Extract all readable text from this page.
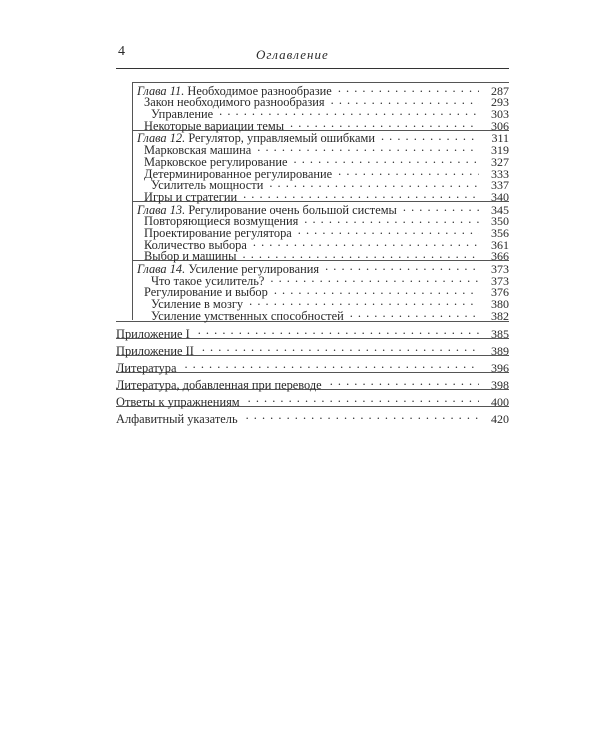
4	Оглавление
Глава 11. Необходимое разнообразие . . .	287
Закон необходимого разнообразия . . .	293
Управление . . .	303
Некоторые вариации темы . . .	306
Глава 12. Регулятор, управляемый ошибками . . .	311
Марковская машина . . .	319
Марковское регулирование . . .	327
Детерминированное регулирование . . .	333
Усилитель мощности . . .	337
Игры и стратегии . . .	340
Глава 13. Регулирование очень большой системы . . .	345
Повторяющиеся возмущения . . .	350
Проектирование регулятора . . .	356
Количество выбора . . .	361
Выбор и машины . . .	366
Глава 14. Усиление регулирования . . .	373
Что такое усилитель? . . .	373
Регулирование и выбор . . .	376
Усиление в мозгу . . .	380
Усиление умственных способностей . . .	382
Приложение I . . .	385
Приложение II . . .	389
Литература . . .	396
Литература, добавленная при переводе . . .	398
Ответы к упражнениям . . .	400
Алфавитный указатель . . .	420
